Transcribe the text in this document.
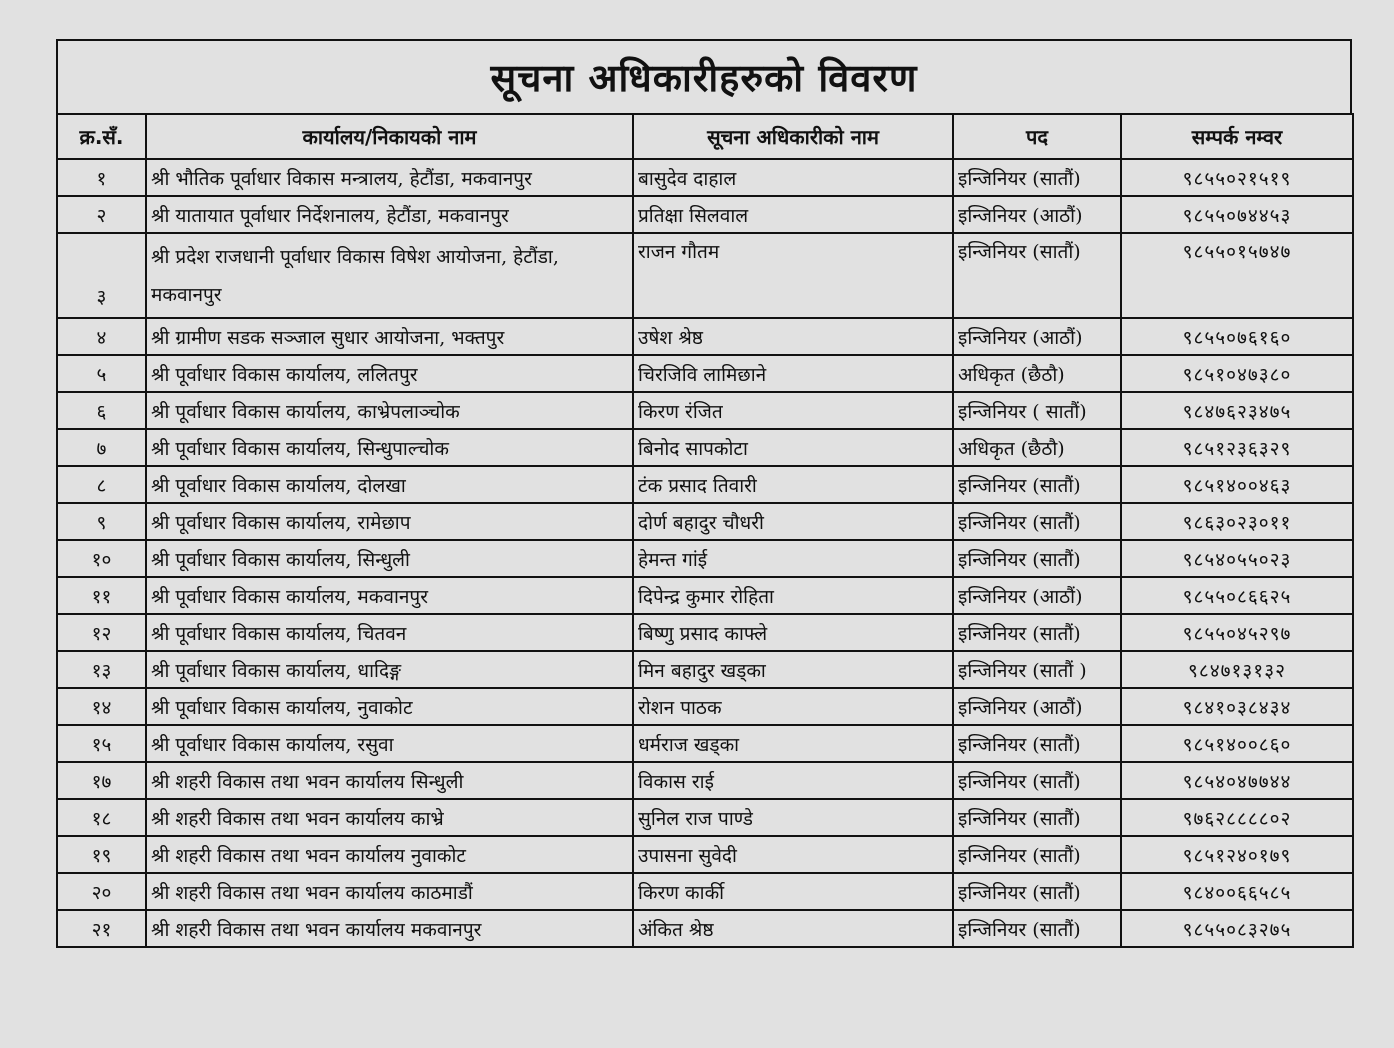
सूचना अधिकारीहरुको विवरण
क्र.सँ.	कार्यालय/निकायको नाम	सूचना अधिकारीको नाम	पद	सम्पर्क नम्वर
१	श्री भौतिक पूर्वाधार विकास मन्त्रालय, हेटौंडा, मकवानपुर	बासुदेव दाहाल	इन्जिनियर (सातौं)	९८५५०२१५१९
२	श्री यातायात पूर्वाधार निर्देशनालय, हेटौंडा, मकवानपुर	प्रतिक्षा सिलवाल	इन्जिनियर (आठौं)	९८५५०७४४५३
३	श्री प्रदेश राजधानी पूर्वाधार विकास विषेश आयोजना, हेटौंडा, मकवानपुर	राजन गौतम	इन्जिनियर (सातौं)	९८५५०१५७४७
४	श्री ग्रामीण सडक सञ्जाल सुधार आयोजना, भक्तपुर	उषेश श्रेष्ठ	इन्जिनियर (आठौं)	९८५५०७६१६०
५	श्री पूर्वाधार विकास कार्यालय, ललितपुर	चिरजिवि लामिछाने	अधिकृत (छैठौ)	९८५१०४७३८०
६	श्री पूर्वाधार विकास कार्यालय, काभ्रेपलाञ्चोक	किरण रंजित	इन्जिनियर ( सातौं)	९८४७६२३४७५
७	श्री पूर्वाधार विकास कार्यालय, सिन्धुपाल्चोक	बिनोद सापकोटा	अधिकृत (छैठौ)	९८५१२३६३२९
८	श्री पूर्वाधार विकास कार्यालय, दोलखा	टंक प्रसाद तिवारी	इन्जिनियर (सातौं)	९८५१४००४६३
९	श्री पूर्वाधार विकास कार्यालय, रामेछाप	दोर्ण बहादुर चौधरी	इन्जिनियर (सातौं)	९८६३०२३०११
१०	श्री पूर्वाधार विकास कार्यालय, सिन्धुली	हेमन्त गांई	इन्जिनियर (सातौं)	९८५४०५५०२३
११	श्री पूर्वाधार विकास कार्यालय, मकवानपुर	दिपेन्द्र कुमार रोहिता	इन्जिनियर (आठौं)	९८५५०८६६२५
१२	श्री पूर्वाधार विकास कार्यालय, चितवन	बिष्णु प्रसाद काफ्ले	इन्जिनियर (सातौं)	९८५५०४५२९७
१३	श्री पूर्वाधार विकास कार्यालय, धादिङ्ग	मिन बहादुर खड्का	इन्जिनियर (सातौं )	९८४७१३१३२
१४	श्री पूर्वाधार विकास कार्यालय, नुवाकोट	रोशन पाठक	इन्जिनियर (आठौं)	९८४१०३८४३४
१५	श्री पूर्वाधार विकास कार्यालय, रसुवा	धर्मराज खड्का	इन्जिनियर (सातौं)	९८५१४००८६०
१७	श्री शहरी विकास तथा भवन कार्यालय सिन्धुली	विकास राई	इन्जिनियर (सातौं)	९८५४०४७७४४
१८	श्री शहरी विकास तथा भवन कार्यालय काभ्रे	सुनिल राज पाण्डे	इन्जिनियर (सातौं)	९७६२८८८८०२
१९	श्री शहरी विकास तथा भवन कार्यालय नुवाकोट	उपासना सुवेदी	इन्जिनियर (सातौं)	९८५१२४०१७९
२०	श्री शहरी विकास तथा भवन कार्यालय काठमाडौं	किरण कार्की	इन्जिनियर (सातौं)	९८४००६६५८५
२१	श्री शहरी विकास तथा भवन कार्यालय मकवानपुर	अंकित श्रेष्ठ	इन्जिनियर (सातौं)	९८५५०८३२७५
